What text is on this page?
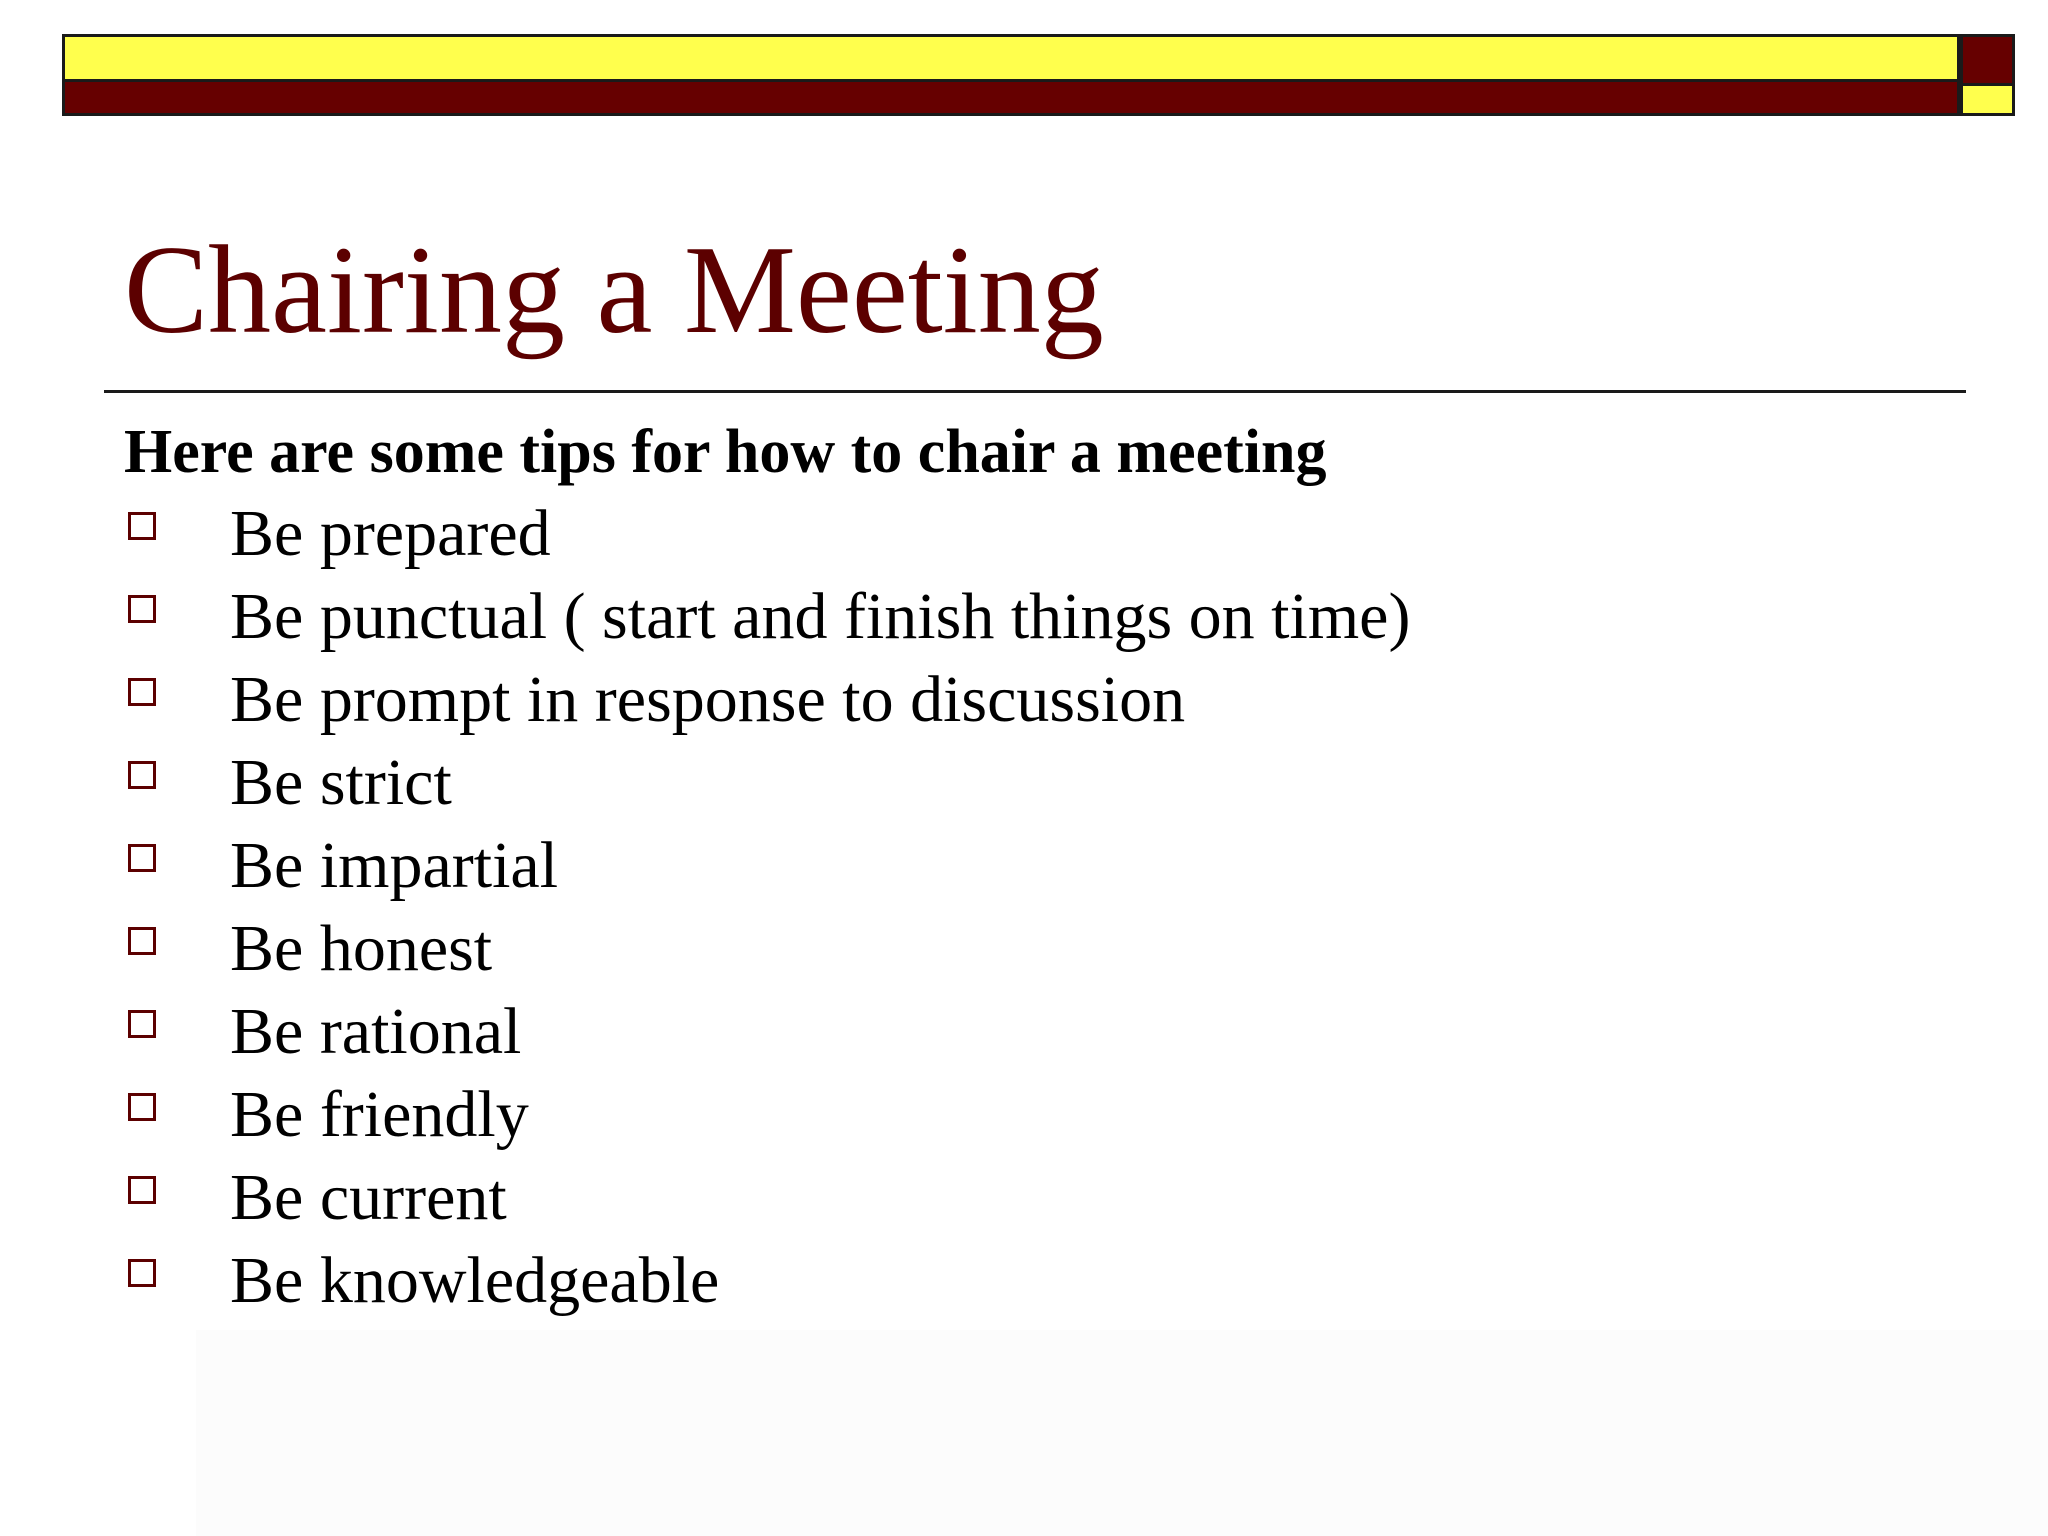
Chairing a Meeting

Here are some tips for how to chair a meeting

Be prepared
Be punctual ( start and finish things on time)
Be prompt in response to discussion
Be strict
Be impartial
Be honest
Be rational
Be friendly
Be current
Be knowledgeable
